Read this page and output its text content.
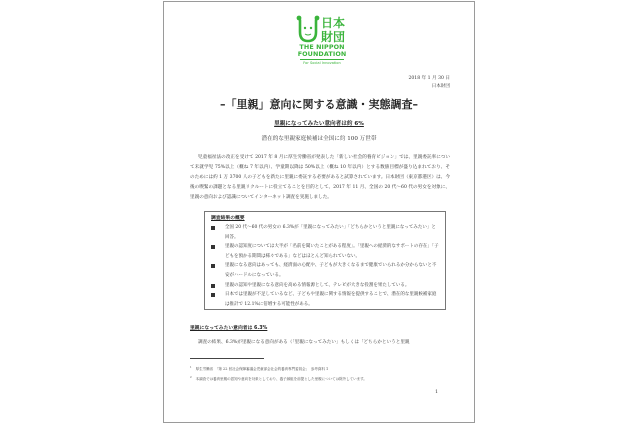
日本
財団
THE NIPPON
FOUNDATION
For Social Innovation
2018 年 1 月 30 日
日本財団
–「里親」意向に関する意識・実態調査–
里親になってみたい意向者は約 6%
潜在的な里親家庭候補は全国に約 100 万世帯
児童福祉法の改正を受けて 2017 年 8 月に厚生労働省が発表した「新しい社会的養育ビジョン」では、里親委託率について未就学児 75%以上（概ね 7 年以内）、学童期以降は 50%以上（概ね 10 年以内）とする数値目標が盛り込まれており、そのためには約 1 万 3700 人の子どもを新たに里親に委託する必要があると試算されています。日本財団（東京都港区）は、今後の喫緊の課題となる里親リクルートに役立てることを目的として、2017 年 11 月、全国の 20 代～60 代の男女を対象に、里親の意向および認識についてインターネット調査を実施しました。
調査結果の概要
全国 20 代～60 代の男女の 6.3%が「里親になってみたい」「どちらかというと里親になってみたい」と回答。
里親の認知度については大半が「名前を聞いたことがある程度」。「里親への経済的なサポートの存在」「子どもを預かる期間は様々である」などはほとんど知られていない。
里親になる意向はあっても、経済面の心配や、子どもが大きくなるまで健康でいられるか分からないと不安がハードルになっている。
里親の認知や里親になる意向を高める情報源として、テレビが大きな役割を果たしている。
日本では里親が不足しているなど、子どもや里親に関する情報を提供することで、潜在的な里親候補家庭は推計で 12.1%に倍増する可能性がある。
里親になってみたい意向者は 6.3%
調査の結果、6.3%が里親になる意向がある（「里親になってみたい」もしくは「どちらかというと里親
$^1$ 厚生労働省　「第 22 回社会保障審議会児童部会社会的養育専門委員会」　参考資料 1
$^2$ 本調査では養育里親の認知や意向を対象としており、養子縁組を前提とした里親については除外しています。
1
